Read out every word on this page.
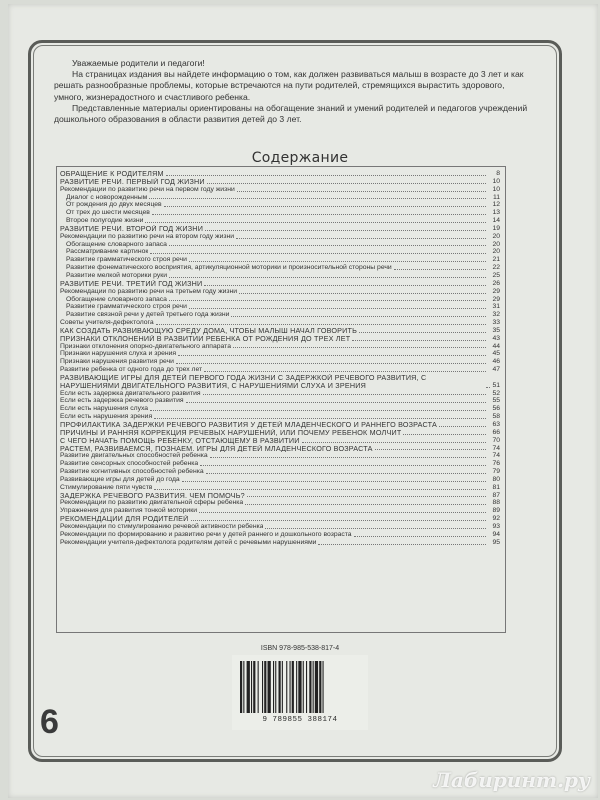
Уважаемые родители и педагоги!

На страницах издания вы найдете информацию о том, как должен развиваться малыш в возрасте до 3 лет и как решать разнообразные проблемы, которые встречаются на пути родителей, стремящихся вырастить здорового, умного, жизнерадостного и счастливого ребенка.

Представленные материалы ориентированы на обогащение знаний и умений родителей и педагогов учреждений дошкольного образования в области развития детей до 3 лет.

Содержание
ОБРАЩЕНИЕ К РОДИТЕЛЯМ	8
РАЗВИТИЕ РЕЧИ. ПЕРВЫЙ ГОД ЖИЗНИ	10
Рекомендации по развитию речи на первом году жизни	10
Диалог с новорожденным	11
От рождения до двух месяцев	12
От трех до шести месяцев	13
Второе полугодие жизни	14
РАЗВИТИЕ РЕЧИ. ВТОРОЙ ГОД ЖИЗНИ	19
Рекомендации по развитию речи на втором году жизни	20
Обогащение словарного запаса	20
Рассматривание картинок	20
Развитие грамматического строя речи	21
Развитие фонематического восприятия, артикуляционной моторики и произносительной стороны речи	22
Развитие мелкой моторики руки	25
РАЗВИТИЕ РЕЧИ. ТРЕТИЙ ГОД ЖИЗНИ	26
Рекомендации по развитию речи на третьем году жизни	29
Обогащение словарного запаса	29
Развитие грамматического строя речи	31
Развитие связной речи у детей третьего года жизни	32
Советы учителя-дефектолога	33
КАК СОЗДАТЬ РАЗВИВАЮЩУЮ СРЕДУ ДОМА, ЧТОБЫ МАЛЫШ НАЧАЛ ГОВОРИТЬ	35
ПРИЗНАКИ ОТКЛОНЕНИЙ В РАЗВИТИИ РЕБЕНКА ОТ РОЖДЕНИЯ ДО ТРЕХ ЛЕТ	43
Признаки отклонения опорно-двигательного аппарата	44
Признаки нарушения слуха и зрения	45
Признаки нарушения развития речи	46
Развитие ребенка от одного года до трех лет	47
РАЗВИВАЮЩИЕ ИГРЫ ДЛЯ ДЕТЕЙ ПЕРВОГО ГОДА ЖИЗНИ С ЗАДЕРЖКОЙ РЕЧЕВОГО РАЗВИТИЯ, С НАРУШЕНИЯМИ ДВИГАТЕЛЬНОГО РАЗВИТИЯ, С НАРУШЕНИЯМИ СЛУХА И ЗРЕНИЯ	51
Если есть задержка двигательного развития	52
Если есть задержка речевого развития	55
Если есть нарушения слуха	56
Если есть нарушения зрения	58
ПРОФИЛАКТИКА ЗАДЕРЖКИ РЕЧЕВОГО РАЗВИТИЯ У ДЕТЕЙ МЛАДЕНЧЕСКОГО И РАННЕГО ВОЗРАСТА	63
ПРИЧИНЫ И РАННЯЯ КОРРЕКЦИЯ РЕЧЕВЫХ НАРУШЕНИЙ, ИЛИ ПОЧЕМУ РЕБЕНОК МОЛЧИТ	66
С ЧЕГО НАЧАТЬ ПОМОЩЬ РЕБЕНКУ, ОТСТАЮЩЕМУ В РАЗВИТИИ	70
РАСТЕМ, РАЗВИВАЕМСЯ, ПОЗНАЕМ. ИГРЫ ДЛЯ ДЕТЕЙ МЛАДЕНЧЕСКОГО ВОЗРАСТА	74
Развитие двигательных способностей ребенка	74
Развитие сенсорных способностей ребенка	76
Развитие когнитивных способностей ребенка	79
Развивающие игры для детей до года	80
Стимулирование пяти чувств	81
ЗАДЕРЖКА РЕЧЕВОГО РАЗВИТИЯ. ЧЕМ ПОМОЧЬ?	87
Рекомендации по развитию двигательной сферы ребенка	88
Упражнения для развития тонкой моторики	89
РЕКОМЕНДАЦИИ ДЛЯ РОДИТЕЛЕЙ	92
Рекомендации по стимулированию речевой активности ребенка	93
Рекомендации по формированию и развитию речи у детей раннего и дошкольного возраста	94
Рекомендации учителя-дефектолога родителям детей с речевыми нарушениями	95
ISBN 978-985-538-817-4
9 789855 388174
6
Лабиринт.ру
